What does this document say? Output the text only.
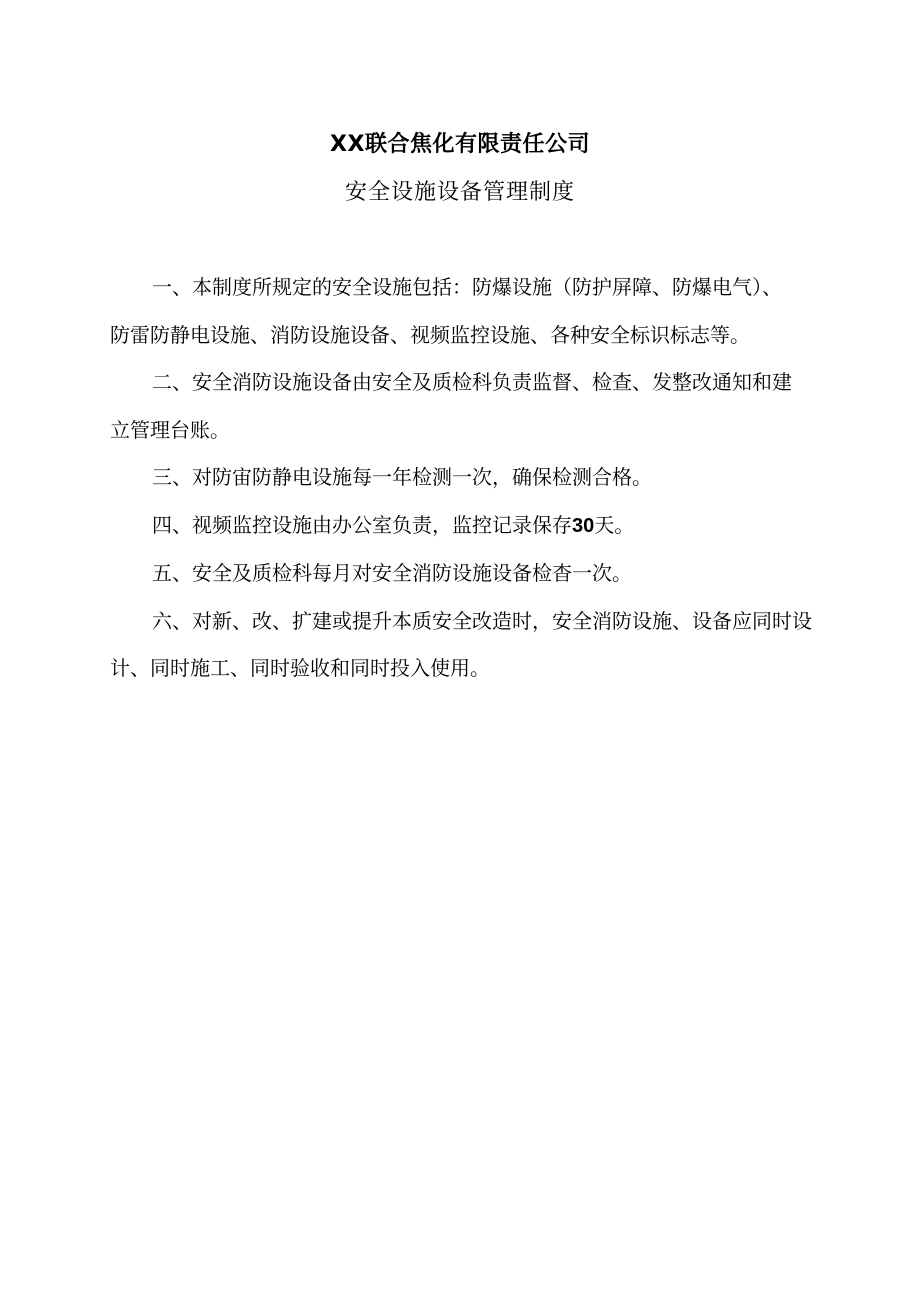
XX联合焦化有限责任公司
安全设施设备管理制度
一、本制度所规定的安全设施包括：防爆设施（防护屏障、防爆电气）、
防雷防静电设施、消防设施设备、视频监控设施、各种安全标识标志等。
二、安全消防设施设备由安全及质检科负责监督、检查、发整改通知和建
立管理台账。
三、对防宙防静电设施每一年检测一次，确保检测合格。
四、视频监控设施由办公室负责，监控记录保存30天。
五、安全及质检科每月对安全消防设施设备检杳一次。
六、对新、改、扩建或提升本质安全改造时，安全消防设施、设备应同时设
计、同时施工、同时验收和同时投入使用。
